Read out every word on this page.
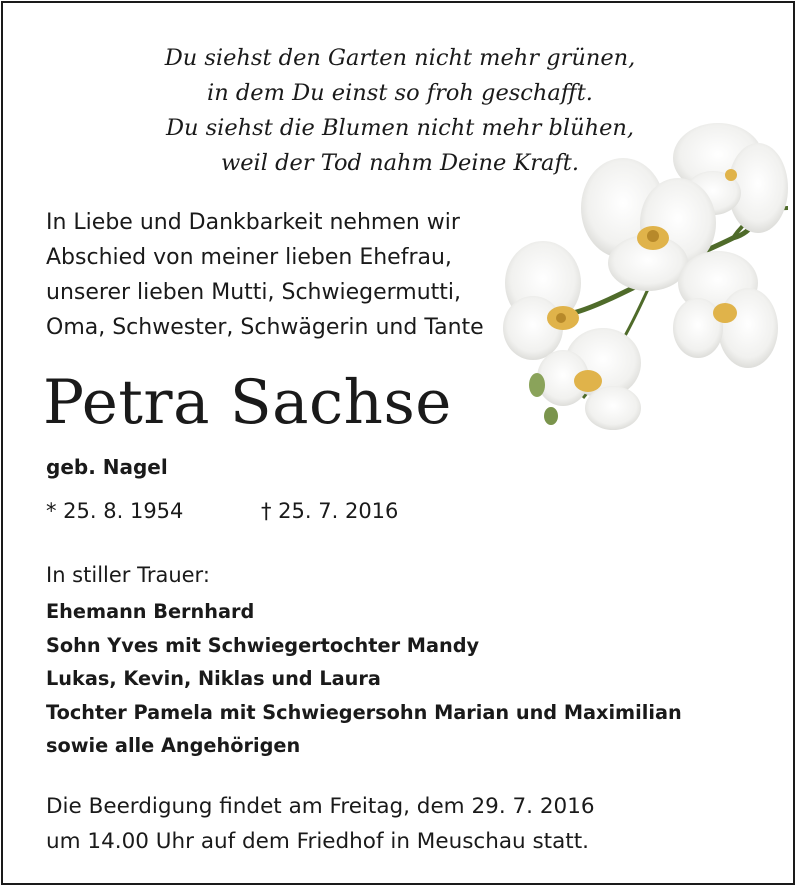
Du siehst den Garten nicht mehr grünen,
in dem Du einst so froh geschafft.
Du siehst die Blumen nicht mehr blühen,
weil der Tod nahm Deine Kraft.
In Liebe und Dankbarkeit nehmen wir
Abschied von meiner lieben Ehefrau,
unserer lieben Mutti, Schwiegermutti,
Oma, Schwester, Schwägerin und Tante
Petra Sachse
geb. Nagel
* 25. 8. 1954	† 25. 7. 2016
In stiller Trauer:
Ehemann Bernhard
Sohn Yves mit Schwiegertochter Mandy
Lukas, Kevin, Niklas und Laura
Tochter Pamela mit Schwiegersohn Marian und Maximilian
sowie alle Angehörigen
Die Beerdigung findet am Freitag, dem 29. 7. 2016
um 14.00 Uhr auf dem Friedhof in Meuschau statt.
